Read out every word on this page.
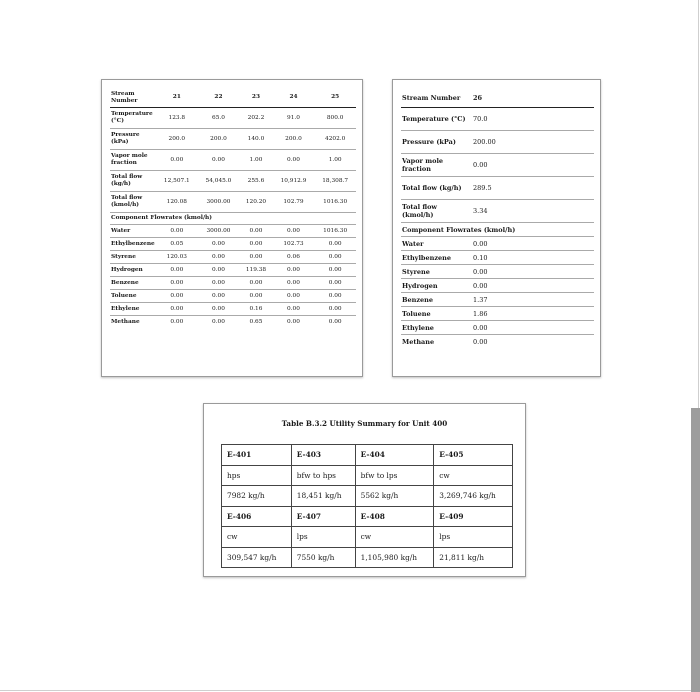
Stream Number	21	22	23	24	25
Temperature (°C)	123.8	65.0	202.2	91.0	800.0
Pressure (kPa)	200.0	200.0	140.0	200.0	4202.0
Vapor mole fraction	0.00	0.00	1.00	0.00	1.00
Total flow (kg/h)	12,507.1	54,045.0	255.6	10,912.9	18,308.7
Total flow (kmol/h)	120.08	3000.00	120.20	102.79	1016.30
Component Flowrates (kmol/h)					
Water	0.00	3000.00	0.00	0.00	1016.30
Ethylbenzene	0.05	0.00	0.00	102.73	0.00
Styrene	120.03	0.00	0.00	0.06	0.00
Hydrogen	0.00	0.00	119.38	0.00	0.00
Benzene	0.00	0.00	0.00	0.00	0.00
Toluene	0.00	0.00	0.00	0.00	0.00
Ethylene	0.00	0.00	0.16	0.00	0.00
Methane	0.00	0.00	0.65	0.00	0.00
Stream Number	26
Temperature (°C)	70.0
Pressure (kPa)	200.00
Vapor mole fraction	0.00
Total flow (kg/h)	289.5
Total flow (kmol/h)	3.34
Component Flowrates (kmol/h)	
Water	0.00
Ethylbenzene	0.10
Styrene	0.00
Hydrogen	0.00
Benzene	1.37
Toluene	1.86
Ethylene	0.00
Methane	0.00
Table B.3.2 Utility Summary for Unit 400
E-401	E-403	E-404	E-405
hps	bfw to hps	bfw to lps	cw
7982 kg/h	18,451 kg/h	5562 kg/h	3,269,746 kg/h
E-406	E-407	E-408	E-409
cw	lps	cw	lps
309,547 kg/h	7550 kg/h	1,105,980 kg/h	21,811 kg/h
